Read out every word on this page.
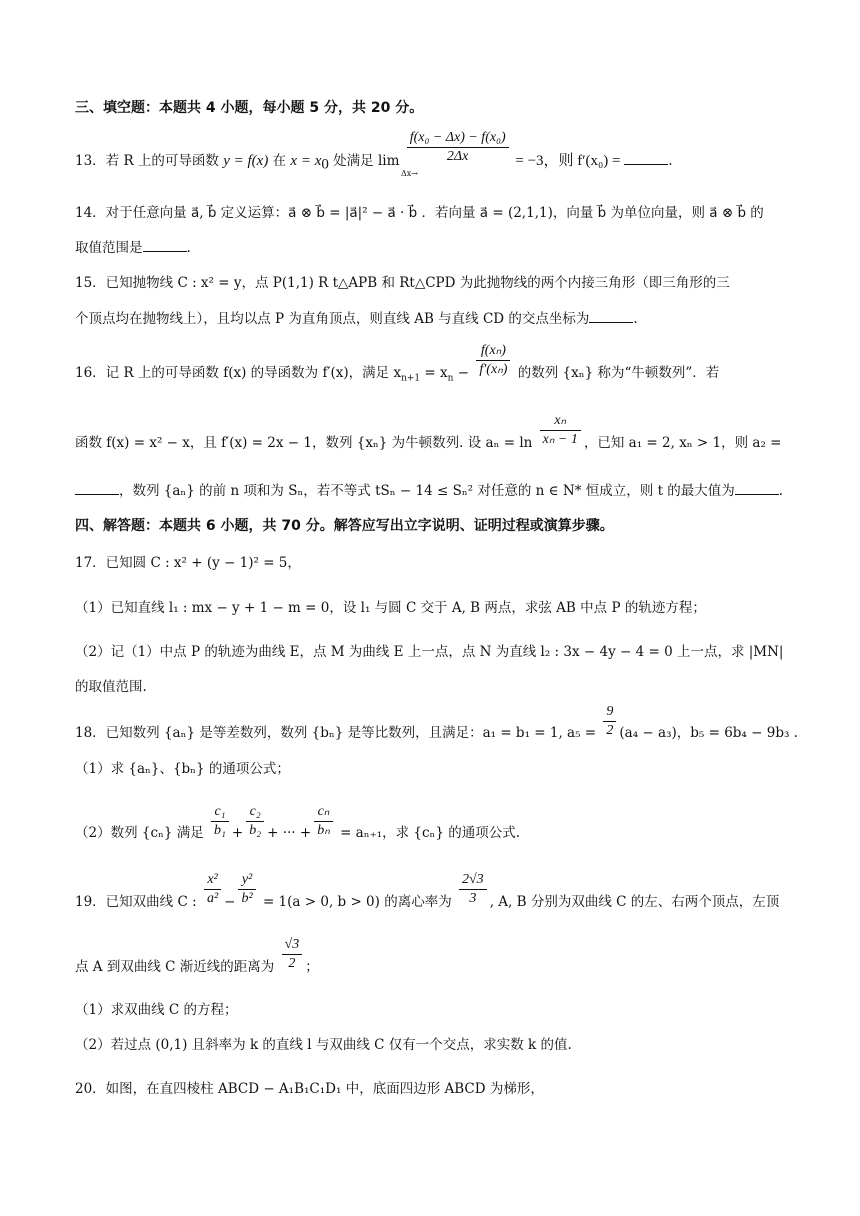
三、填空题：本题共 4 小题，每小题 5 分，共 20 分。
13．若 R 上的可导函数 y = f(x) 在 $x = x_0$ 处满足 $\lim \frac{\text{f(x₀ − Δx) − f(x₀)}}{2\Delta x} = -3$，则 f′(x₀) =	.
Δx→
14．对于任意向量 a⃗, b⃗ 定义运算：a⃗ ⊗ b⃗ = |a⃗|² − a⃗ · b⃗ ．若向量 a⃗ = (2,1,1)，向量 b⃗ 为单位向量，则 a⃗ ⊗ b⃗ 的
取值范围是	.
15．已知抛物线 C : x² = y，点 P(1,1) R t△APB 和 Rt△CPD 为此抛物线的两个内接三角形（即三角形的三
个顶点均在抛物线上），且均以点 P 为直角顶点，则直线 AB 与直线 CD 的交点坐标为	.
16．记 R 上的可导函数 f(x) 的导函数为 f′(x)，满足 $x_{n+1} = x_n - \frac{\text{f(xₙ)}}{\text{f′(xₙ)}}$ 的数列 {xₙ} 称为“牛顿数列”．若
函数 f(x) = x² − x，且 f′(x) = 2x − 1，数列 {xₙ} 为牛顿数列. 设 $a_n = \ln \frac{\text{xₙ}}{\text{xₙ − 1}}$ ，已知 a₁ = 2, xₙ > 1，则 a₂ =
，数列 {aₙ} 的前 n 项和为 Sₙ，若不等式 tSₙ − 14 ≤ Sₙ² 对任意的 n ∈ N* 恒成立，则 t 的最大值为	.
四、解答题：本题共 6 小题，共 70 分。解答应写出立字说明、证明过程或演算步骤。
17．已知圆 C : x² + (y − 1)² = 5，
（1）已知直线 l₁ : mx − y + 1 − m = 0，设 l₁ 与圆 C 交于 A, B 两点，求弦 AB 中点 P 的轨迹方程；
（2）记（1）中点 P 的轨迹为曲线 E，点 M 为曲线 E 上一点，点 N 为直线 l₂ : 3x − 4y − 4 = 0 上一点，求 |MN|
的取值范围.
18．已知数列 {aₙ} 是等差数列，数列 {bₙ} 是等比数列，且满足：a₁ = b₁ = 1, $a_5 = \frac{9}{2} (a_4 - a_3)$，b₅ = 6b₄ − 9b₃ .
（1）求 {aₙ}、{bₙ} 的通项公式；
（2）数列 {cₙ} 满足 $\frac{\text{c₁}}{\text{b₁}} + \frac{\text{c₂}}{\text{b₂}}$ + ··· + $\frac{\text{cₙ}}{\text{bₙ}} = a_{n+1}$，求 {cₙ} 的通项公式.
19．已知双曲线 C : $\frac{\text{x²}}{\text{a²}} - \frac{\text{y²}}{\text{b²}} = 1(a > 0$, b > 0) 的离心率为 $\frac{2√3}{3}$ , A, B 分别为双曲线 C 的左、右两个顶点，左顶
点 A 到双曲线 C 渐近线的距离为 $\frac{√3}{2}$ ；
（1）求双曲线 C 的方程；
（2）若过点 (0,1) 且斜率为 k 的直线 l 与双曲线 C 仅有一个交点，求实数 k 的值.
20．如图，在直四棱柱 ABCD − A₁B₁C₁D₁ 中，底面四边形 ABCD 为梯形，
